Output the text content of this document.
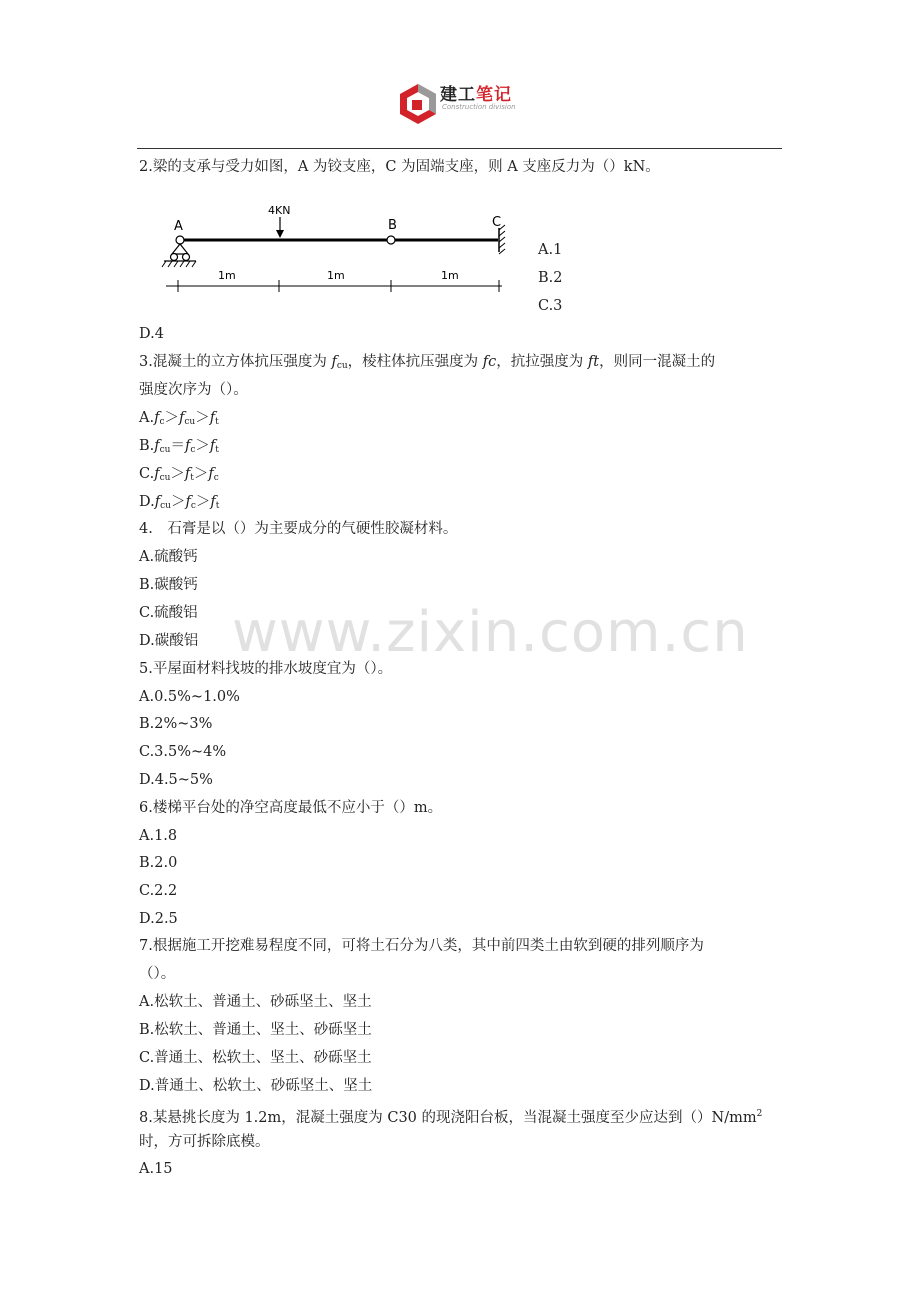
建工笔记
Construction division
2.梁的支承与受力如图，A 为铰支座，C 为固端支座，则 A 支座反力为（）kN。
4KN
A	B	C
1m	1m	1m
A.1
B.2
C.3
D.4
3.混凝土的立方体抗压强度为 $f_{cu}$，棱柱体抗压强度为 fc，抗拉强度为 ft，则同一混凝土的
强度次序为（）。
$A.f_c>f_{cu}>f_t$
$B.f_{cu}=f_c>f_t$
$C.f_{cu}>f_t>f_c$
$D.f_{cu}>f_c>f_t$
4.　石膏是以（）为主要成分的气硬性胶凝材料。
A.硫酸钙
B.碳酸钙
C.硫酸铝
D.碳酸铝
5.平屋面材料找坡的排水坡度宜为（）。
A.0.5%~1.0%
B.2%~3%
C.3.5%~4%
D.4.5~5%
6.楼梯平台处的净空高度最低不应小于（）m。
A.1.8
B.2.0
C.2.2
D.2.5
7.根据施工开挖难易程度不同，可将土石分为八类，其中前四类土由软到硬的排列顺序为
（）。
A.松软土、普通土、砂砾坚土、坚土
B.松软土、普通土、坚土、砂砾坚土
C.普通土、松软土、坚土、砂砾坚土
D.普通土、松软土、砂砾坚土、坚土
8.某悬挑长度为 1.2m，混凝土强度为 C30 的现浇阳台板，当混凝土强度至少应达到$()N/mm^2$
时，方可拆除底模。
A.15
www.zixin.com.cn
